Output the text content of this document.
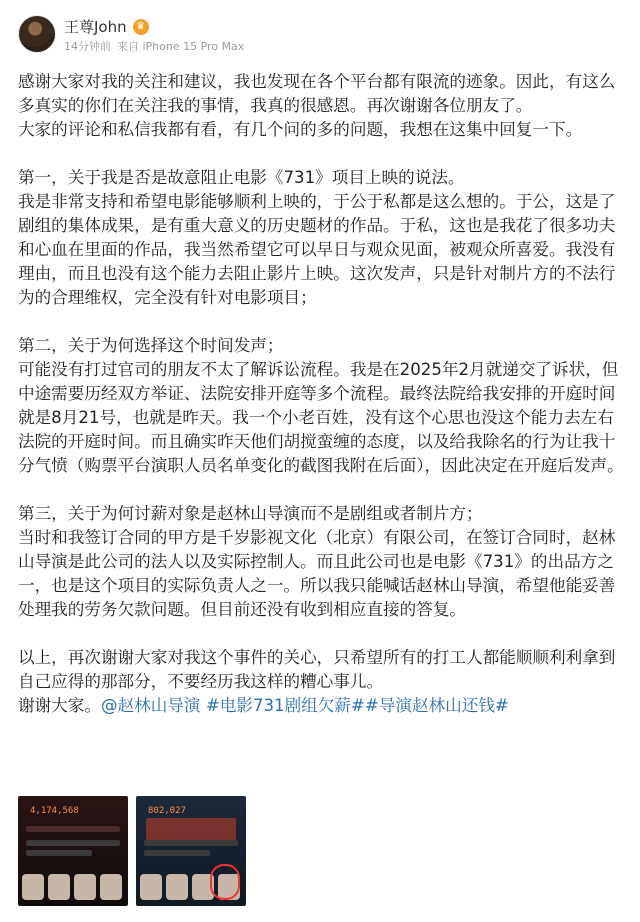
王尊John ♛
14分钟前 来自 iPhone 15 Pro Max

感谢大家对我的关注和建议，我也发现在各个平台都有限流的迹象。因此，有这么多真实的你们在关注我的事情，我真的很感恩。再次谢谢各位朋友了。

大家的评论和私信我都有看，有几个问的多的问题，我想在这集中回复一下。

第一，关于我是否是故意阻止电影《731》项目上映的说法。

我是非常支持和希望电影能够顺利上映的，于公于私都是这么想的。于公，这是了剧组的集体成果，是有重大意义的历史题材的作品。于私，这也是我花了很多功夫和心血在里面的作品，我当然希望它可以早日与观众见面，被观众所喜爱。我没有理由，而且也没有这个能力去阻止影片上映。这次发声，只是针对制片方的不法行为的合理维权，完全没有针对电影项目；

第二，关于为何选择这个时间发声；

可能没有打过官司的朋友不太了解诉讼流程。我是在2025年2月就递交了诉状，但中途需要历经双方举证、法院安排开庭等多个流程。最终法院给我安排的开庭时间就是8月21号，也就是昨天。我一个小老百姓，没有这个心思也没这个能力去左右法院的开庭时间。而且确实昨天他们胡搅蛮缠的态度，以及给我除名的行为让我十分气愤（购票平台演职人员名单变化的截图我附在后面），因此决定在开庭后发声。

第三，关于为何讨薪对象是赵林山导演而不是剧组或者制片方；

当时和我签订合同的甲方是千岁影视文化（北京）有限公司，在签订合同时，赵林山导演是此公司的法人以及实际控制人。而且此公司也是电影《731》的出品方之一，也是这个项目的实际负责人之一。所以我只能喊话赵林山导演，希望他能妥善处理我的劳务欠款问题。但目前还没有收到相应直接的答复。

以上，再次谢谢大家对我这个事件的关心，只希望所有的打工人都能顺顺利利拿到自己应得的那部分，不要经历我这样的糟心事儿。

谢谢大家。@赵林山导演 #电影731剧组欠薪##导演赵林山还钱#

4,174,568	802,027
